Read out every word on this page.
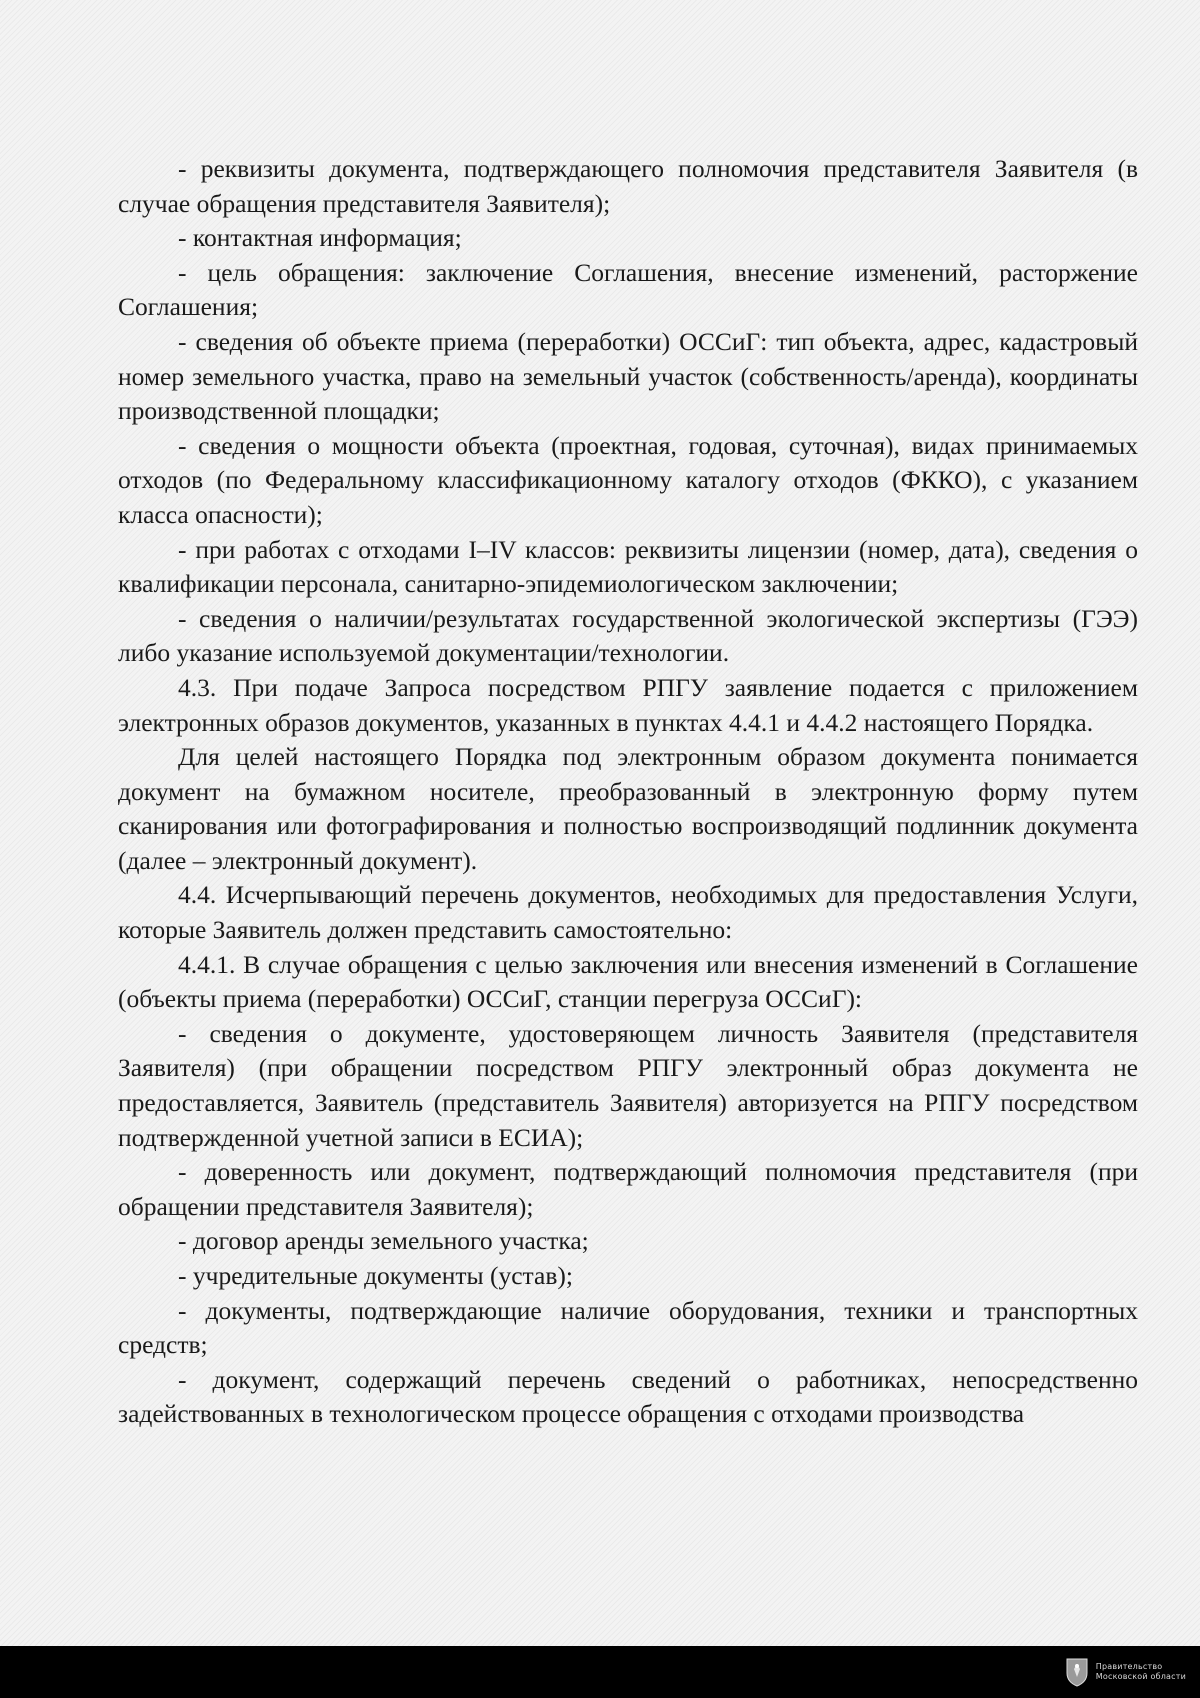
- реквизиты документа, подтверждающего полномочия представителя Заявителя (в случае обращения представителя Заявителя);

- контактная информация;

- цель обращения: заключение Соглашения, внесение изменений, расторжение Соглашения;

- сведения об объекте приема (переработки) ОССиГ: тип объекта, адрес, кадастровый номер земельного участка, право на земельный участок (собственность/аренда), координаты производственной площадки;

- сведения о мощности объекта (проектная, годовая, суточная), видах принимаемых отходов (по Федеральному классификационному каталогу отходов (ФККО), с указанием класса опасности);

- при работах с отходами I–IV классов: реквизиты лицензии (номер, дата), сведения о квалификации персонала, санитарно-эпидемиологическом заключении;

- сведения о наличии/результатах государственной экологической экспертизы (ГЭЭ) либо указание используемой документации/технологии.

4.3. При подаче Запроса посредством РПГУ заявление подается с приложением электронных образов документов, указанных в пунктах 4.4.1 и 4.4.2 настоящего Порядка.

Для целей настоящего Порядка под электронным образом документа понимается документ на бумажном носителе, преобразованный в электронную форму путем сканирования или фотографирования и полностью воспроизводящий подлинник документа (далее – электронный документ).

4.4. Исчерпывающий перечень документов, необходимых для предоставления Услуги, которые Заявитель должен представить самостоятельно:

4.4.1. В случае обращения с целью заключения или внесения изменений в Соглашение (объекты приема (переработки) ОССиГ, станции перегруза ОССиГ):

- сведения о документе, удостоверяющем личность Заявителя (представителя Заявителя) (при обращении посредством РПГУ электронный образ документа не предоставляется, Заявитель (представитель Заявителя) авторизуется на РПГУ посредством подтвержденной учетной записи в ЕСИА);

- доверенность или документ, подтверждающий полномочия представителя (при обращении представителя Заявителя);

- договор аренды земельного участка;

- учредительные документы (устав);

- документы, подтверждающие наличие оборудования, техники и транспортных средств;

- документ, содержащий перечень сведений о работниках, непосредственно задействованных в технологическом процессе обращения с отходами производства

Правительство
Московской области
